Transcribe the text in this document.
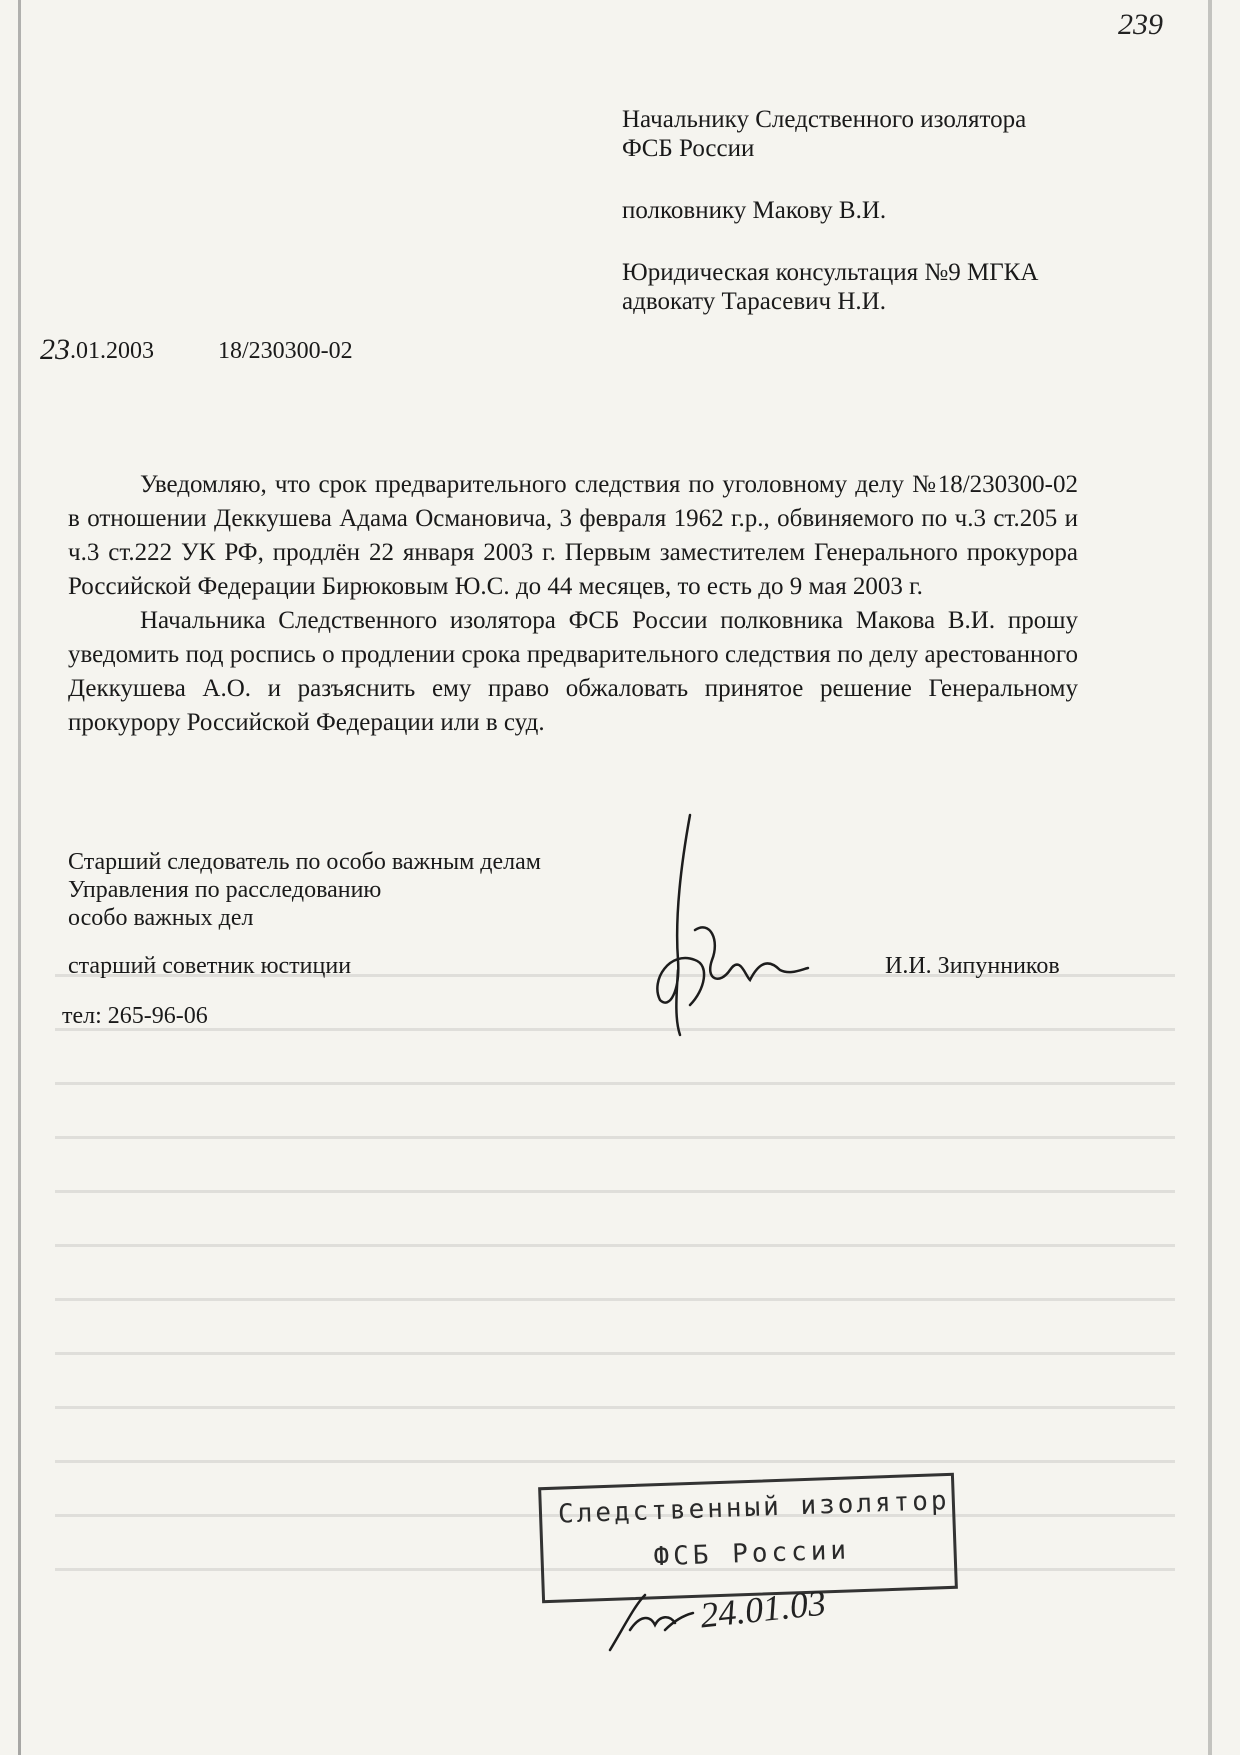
239

Начальнику Следственного изолятора

ФСБ России

полковнику Макову В.И.

Юридическая консультация №9 МГКА

адвокату Тарасевич Н.И.

23 .01.2003	18/230300-02

Уведомляю, что срок предварительного следствия по уголовному делу №18/230300-02 в отношении Деккушева Адама Османовича, 3 февраля 1962 г.р., обвиняемого по ч.3 ст.205 и ч.3 ст.222 УК РФ, продлён 22 января 2003 г. Первым заместителем Генерального прокурора Российской Федерации Бирюковым Ю.С. до 44 месяцев, то есть до 9 мая 2003 г.

Начальника Следственного изолятора ФСБ России полковника Макова В.И. прошу уведомить под роспись о продлении срока предварительного следствия по делу арестованного Деккушева А.О. и разъяснить ему право обжаловать принятое решение Генеральному прокурору Российской Федерации или в суд.

Старший следователь по особо важным делам

Управления по расследованию

особо важных дел

старший советник юстиции	И.И. Зипунников
тел: 265-96-06
Следственный изолятор
ФСБ России
24.01.03
